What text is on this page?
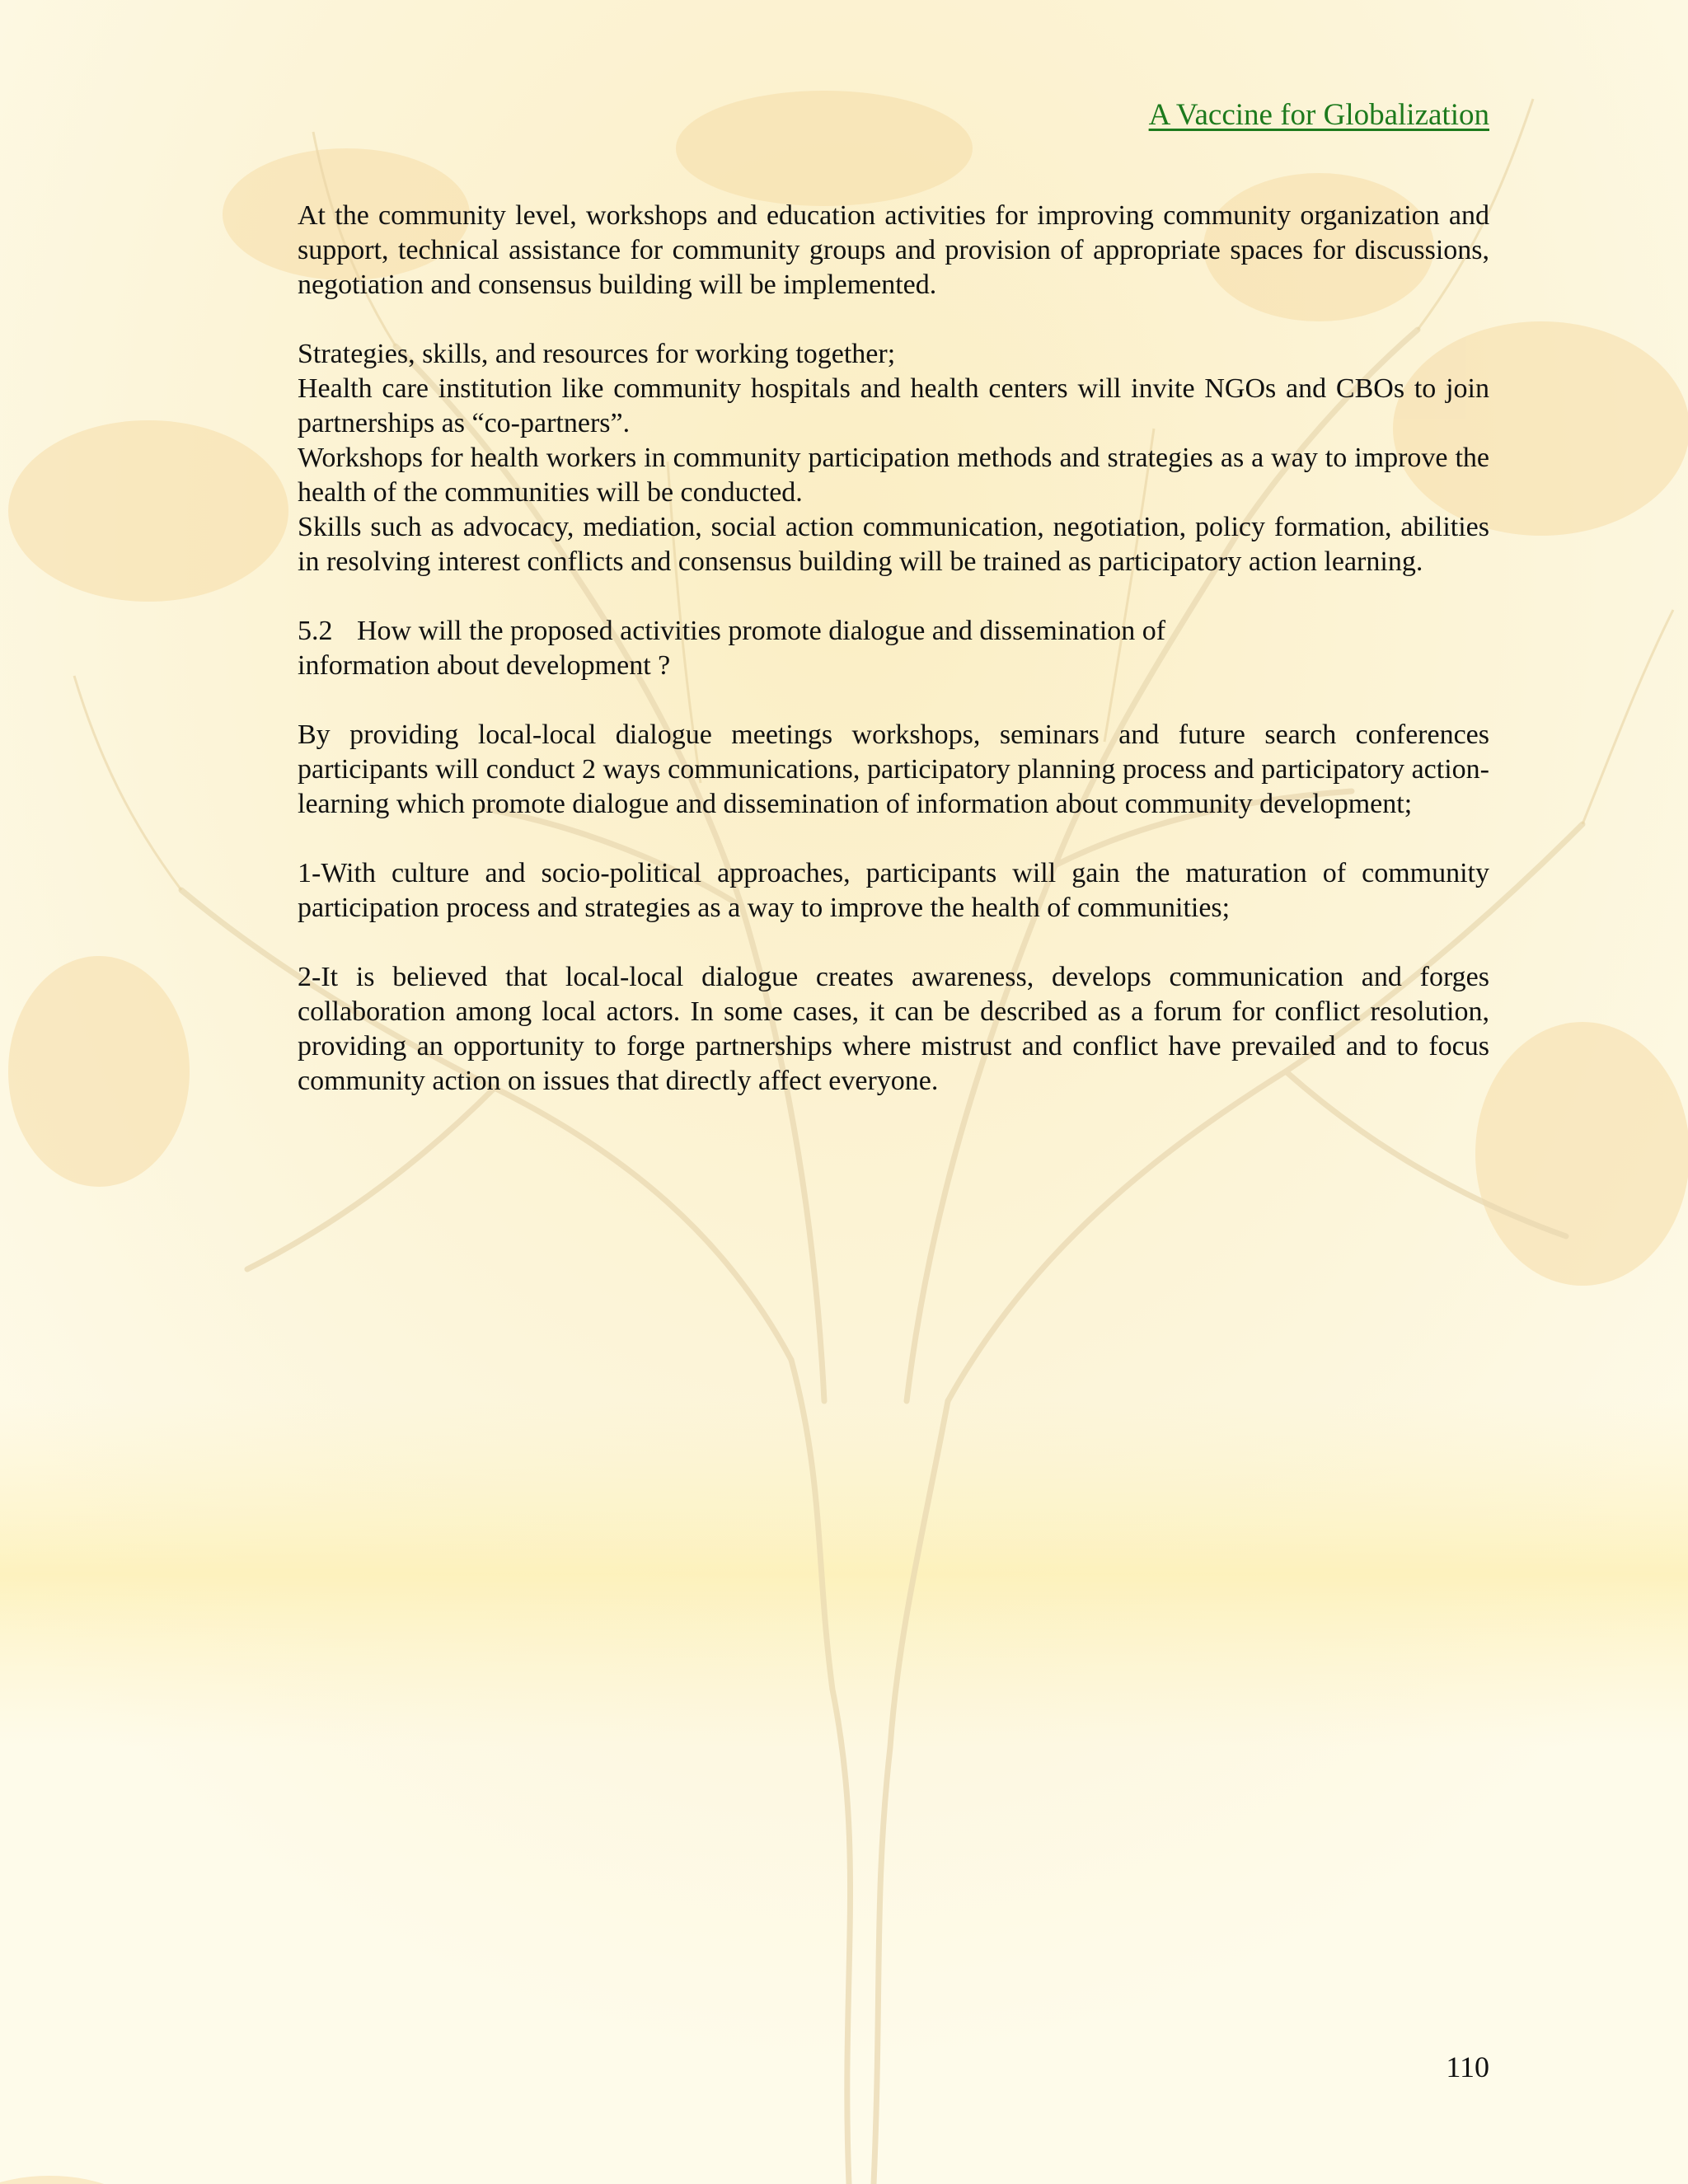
A Vaccine for Globalization

At the community level, workshops and education activities for improving community organization and support, technical assistance for community groups and provision of appropriate spaces for discussions, negotiation and consensus building will be implemented.

Strategies, skills, and resources for working together;

Health care institution like community hospitals and health centers will invite NGOs and CBOs to join partnerships as “co-partners”.

Workshops for health workers in community participation methods and strategies as a way to improve the health of the communities will be conducted.

Skills such as advocacy, mediation, social action communication, negotiation, policy formation, abilities in resolving interest conflicts and consensus building will be trained as participatory action learning.

5.2 How will the proposed activities promote dialogue and dissemination of
information about development ?

By providing local-local dialogue meetings workshops, seminars and future search conferences participants will conduct 2 ways communications, participatory planning process and participatory action-learning which promote dialogue and dissemination of information about community development;

1-With culture and socio-political approaches, participants will gain the maturation of community participation process and strategies as a way to improve the health of communities;

2-It is believed that local-local dialogue creates awareness, develops communication and forges collaboration among local actors. In some cases, it can be described as a forum for conflict resolution, providing an opportunity to forge partnerships where mistrust and conflict have prevailed and to focus community action on issues that directly affect everyone.

110
